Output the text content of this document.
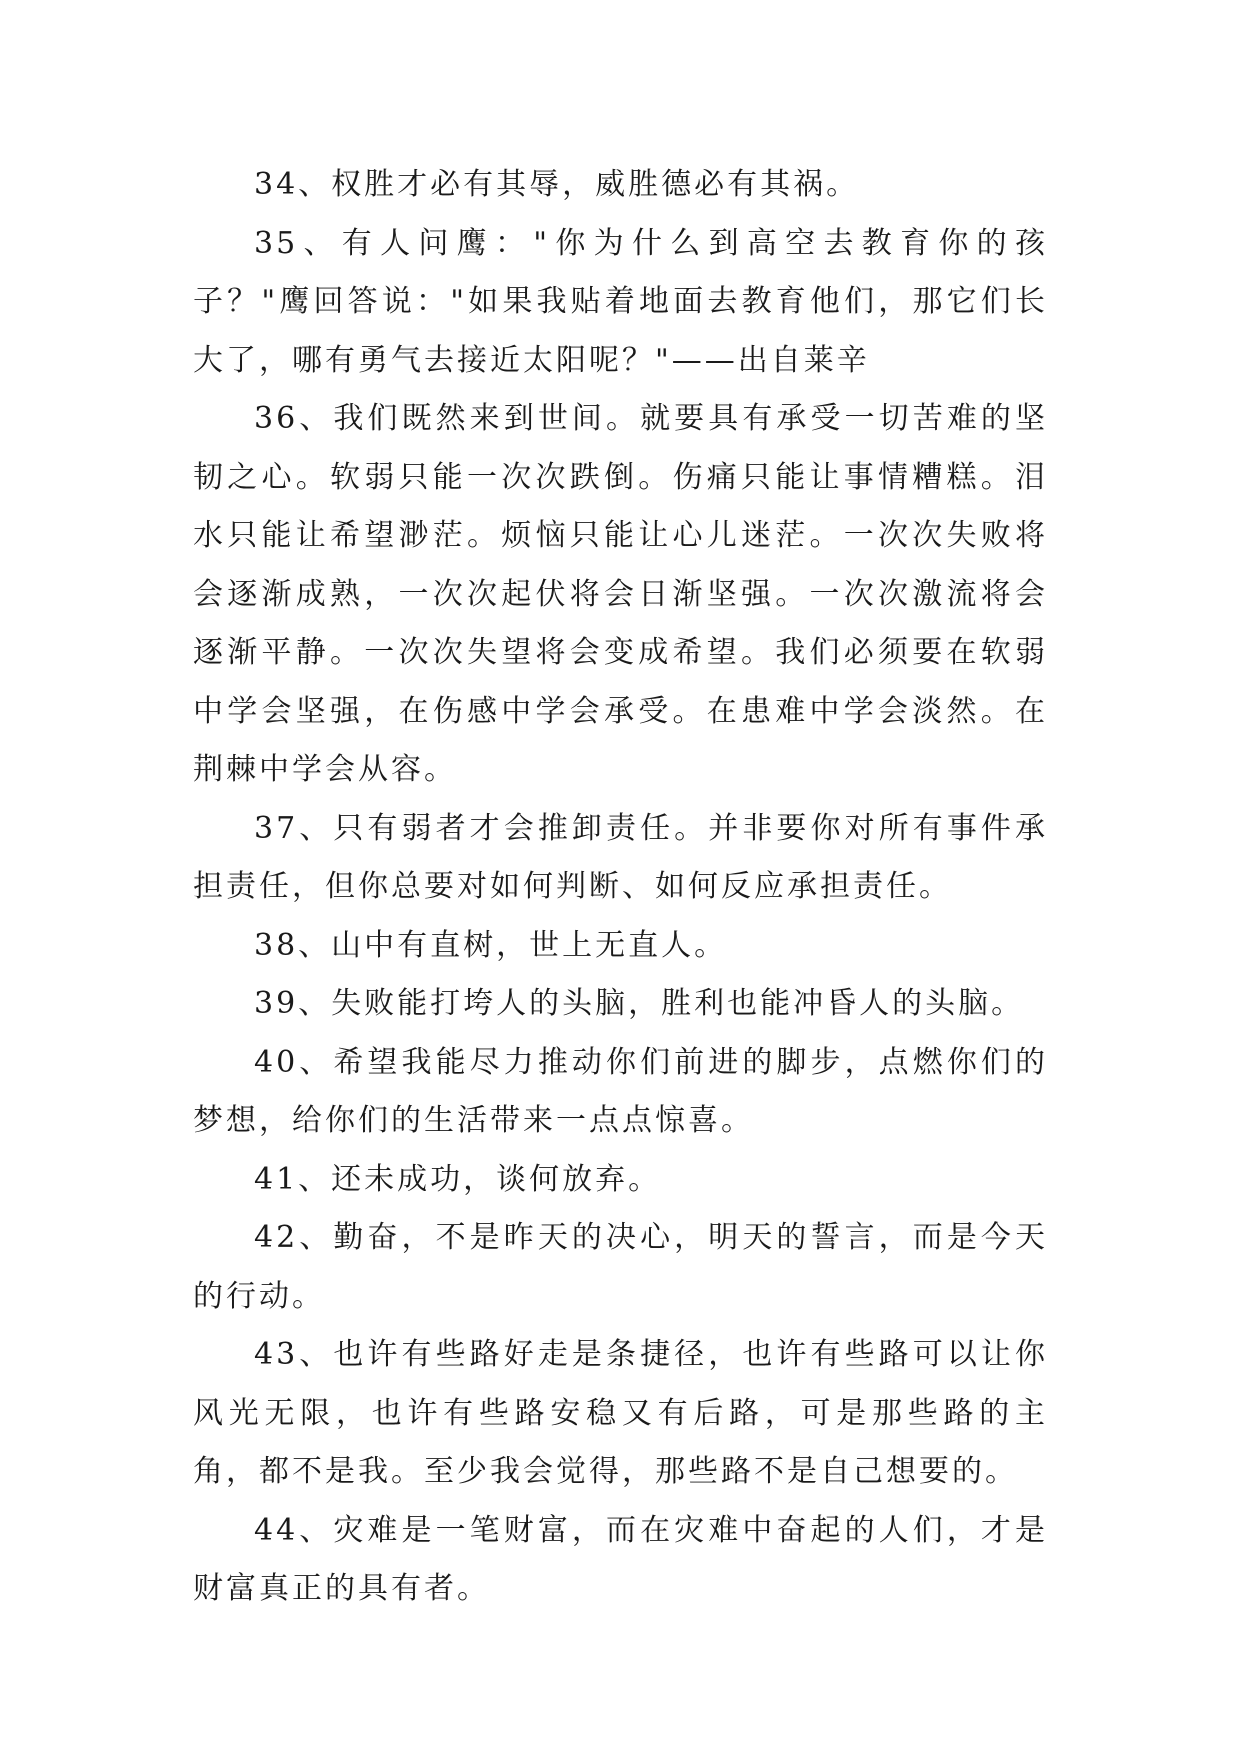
34、权胜才必有其辱，威胜德必有其祸。

35、有人问鹰："你为什么到高空去教育你的孩子？"鹰回答说："如果我贴着地面去教育他们，那它们长大了，哪有勇气去接近太阳呢？"——出自莱辛

36、我们既然来到世间。就要具有承受一切苦难的坚韧之心。软弱只能一次次跌倒。伤痛只能让事情糟糕。泪水只能让希望渺茫。烦恼只能让心儿迷茫。一次次失败将会逐渐成熟，一次次起伏将会日渐坚强。一次次激流将会逐渐平静。一次次失望将会变成希望。我们必须要在软弱中学会坚强，在伤感中学会承受。在患难中学会淡然。在荆棘中学会从容。

37、只有弱者才会推卸责任。并非要你对所有事件承担责任，但你总要对如何判断、如何反应承担责任。

38、山中有直树，世上无直人。

39、失败能打垮人的头脑，胜利也能冲昏人的头脑。

40、希望我能尽力推动你们前进的脚步，点燃你们的梦想，给你们的生活带来一点点惊喜。

41、还未成功，谈何放弃。

42、勤奋，不是昨天的决心，明天的誓言，而是今天的行动。

43、也许有些路好走是条捷径，也许有些路可以让你风光无限，也许有些路安稳又有后路，可是那些路的主角，都不是我。至少我会觉得，那些路不是自己想要的。

44、灾难是一笔财富，而在灾难中奋起的人们，才是财富真正的具有者。
